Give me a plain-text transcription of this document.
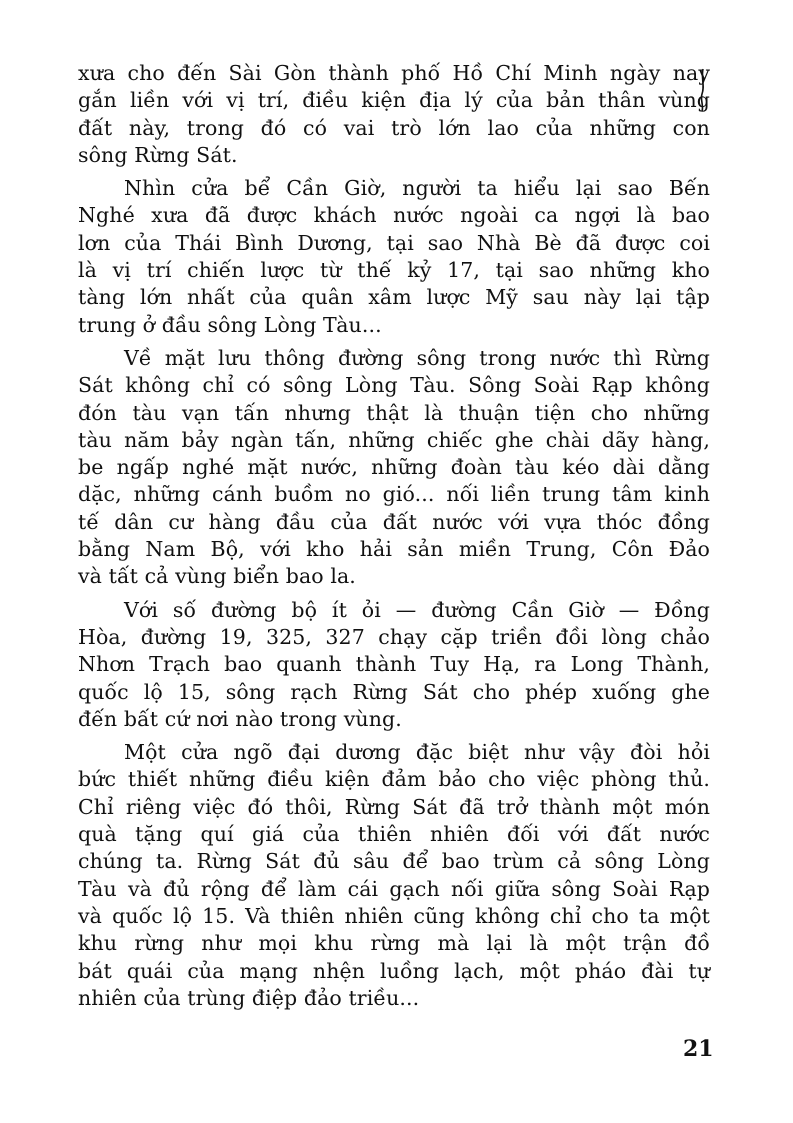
xưa cho đến Sài Gòn thành phố Hồ Chí Minh ngày nay
gắn liền với vị trí, điều kiện địa lý của bản thân vùng
đất này, trong đó có vai trò lớn lao của những con
sông Rừng Sát.
Nhìn cửa bể Cần Giờ, người ta hiểu lại sao Bến
Nghé xưa đã được khách nước ngoài ca ngợi là bao
lơn của Thái Bình Dương, tại sao Nhà Bè đã được coi
là vị trí chiến lược từ thế kỷ 17, tại sao những kho
tàng lớn nhất của quân xâm lược Mỹ sau này lại tập
trung ở đầu sông Lòng Tàu...
Về mặt lưu thông đường sông trong nước thì Rừng
Sát không chỉ có sông Lòng Tàu. Sông Soài Rạp không
đón tàu vạn tấn nhưng thật là thuận tiện cho những
tàu năm bảy ngàn tấn, những chiếc ghe chài dãy hàng,
be ngấp nghé mặt nước, những đoàn tàu kéo dài dằng
dặc, những cánh buồm no gió... nối liền trung tâm kinh
tế dân cư hàng đầu của đất nước với vựa thóc đồng
bằng Nam Bộ, với kho hải sản miền Trung, Côn Đảo
và tất cả vùng biển bao la.
Với số đường bộ ít ỏi — đường Cần Giờ — Đồng
Hòa, đường 19, 325, 327 chạy cặp triền đồi lòng chảo
Nhơn Trạch bao quanh thành Tuy Hạ, ra Long Thành,
quốc lộ 15, sông rạch Rừng Sát cho phép xuống ghe
đến bất cứ nơi nào trong vùng.
Một cửa ngõ đại dương đặc biệt như vậy đòi hỏi
bức thiết những điều kiện đảm bảo cho việc phòng thủ.
Chỉ riêng việc đó thôi, Rừng Sát đã trở thành một món
quà tặng quí giá của thiên nhiên đối với đất nước
chúng ta. Rừng Sát đủ sâu để bao trùm cả sông Lòng
Tàu và đủ rộng để làm cái gạch nối giữa sông Soài Rạp
và quốc lộ 15. Và thiên nhiên cũng không chỉ cho ta một
khu rừng như mọi khu rừng mà lại là một trận đồ
bát quái của mạng nhện luồng lạch, một pháo đài tự
nhiên của trùng điệp đảo triều...
21
